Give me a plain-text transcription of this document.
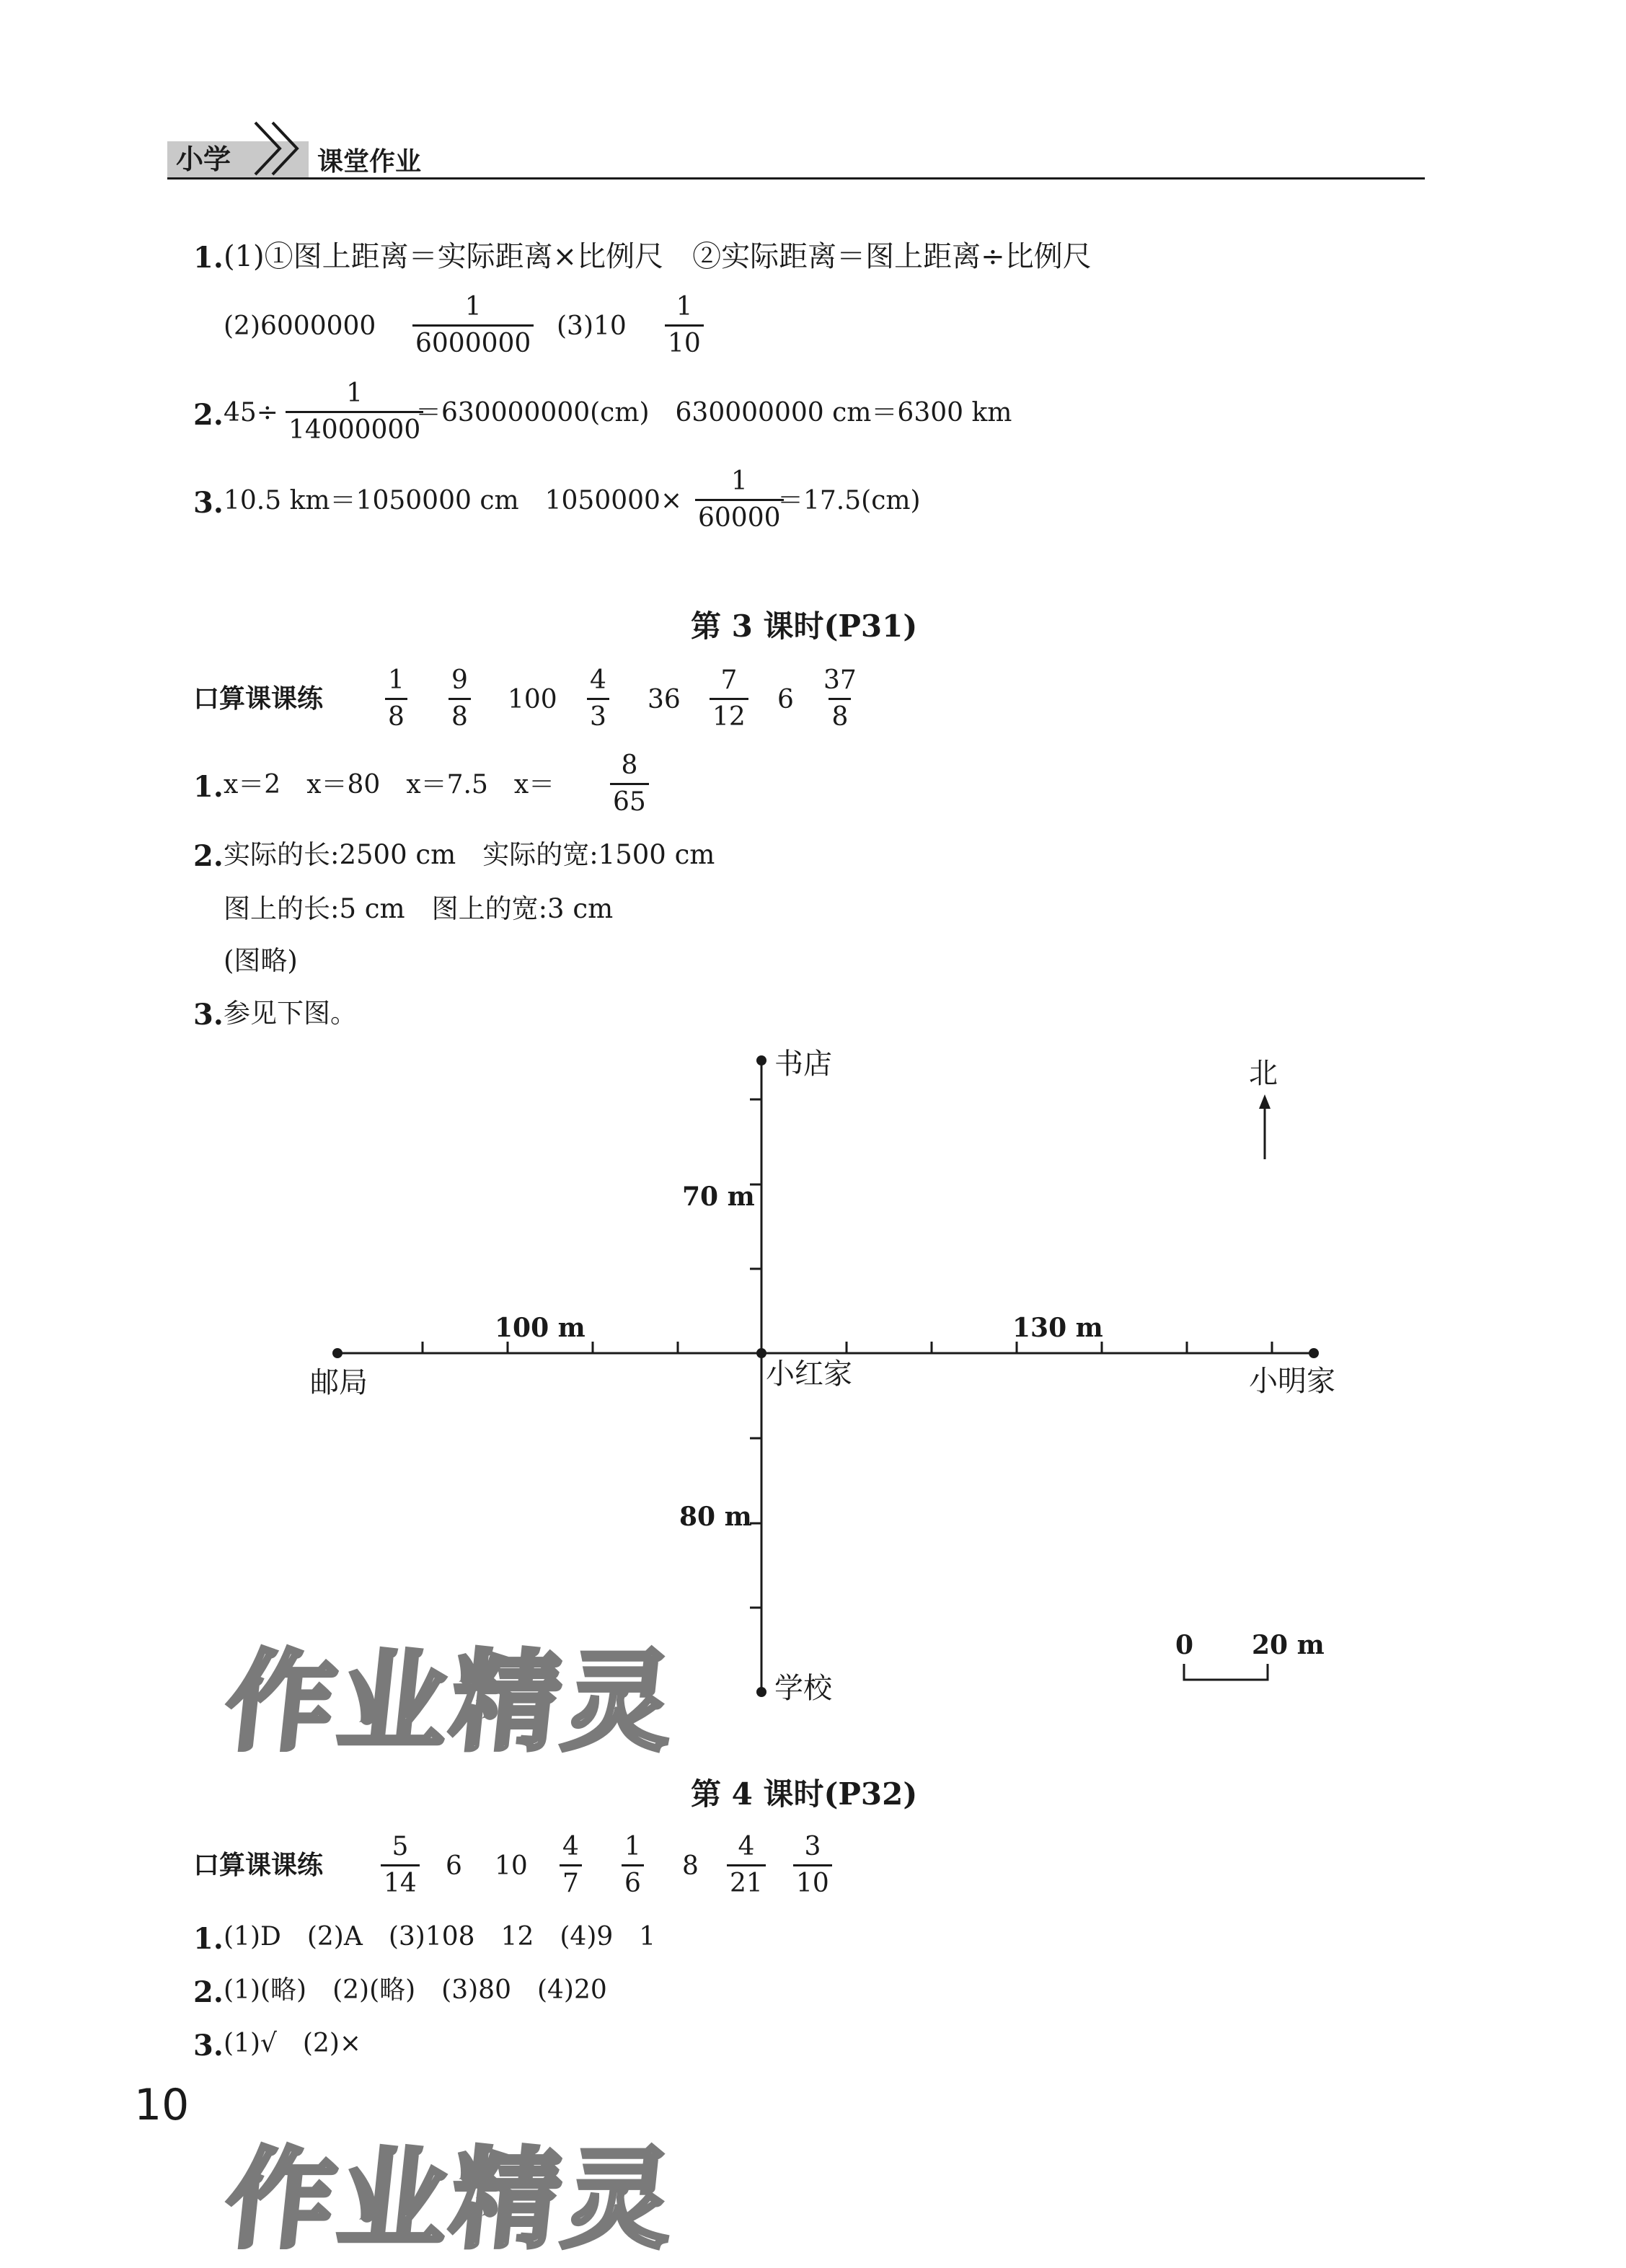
小学	课堂作业
1. (1)①图上距离＝实际距离×比例尺　②实际距离＝图上距离÷比例尺
$(2)6000000 \frac{1}{6000000} (3)10 \frac{1}{10}$
2. $45\div \frac{1}{14000000}$
＝630000000(cm)　630000000 cm＝6300 km
3. 10.5 km＝1050000 cm　$1050000\times \frac{1}{60000}$
＝17.5(cm)
第 3 课时(P31)
口算课课练 $\frac{1}{8} \frac{9}{8} 100 \frac{4}{3} 36 \frac{7}{12} 6 \frac{37}{8}$
1. x＝2　x＝80　x＝7.5　$x= \frac{8}{65}$
2. 实际的长:2500 cm　实际的宽:1500 cm
图上的长:5 cm　图上的宽:3 cm
(图略)
3. 参见下图。
书店
邮局	小红家	小明家
学校
北
70 m
100 m	130 m
80 m
0 20 m
第 4 课时(P32)
口算课课练 $\frac{5}{14} 6$ $10 \frac{4}{7} \frac{1}{6} 8 \frac{4}{21} \frac{3}{10}$
1. (1)D　(2)A　(3)108　12　(4)9　1
2. (1)(略)　(2)(略)　(3)80　(4)20
3. (1)√　(2)×
10
作业精灵
作业精灵
